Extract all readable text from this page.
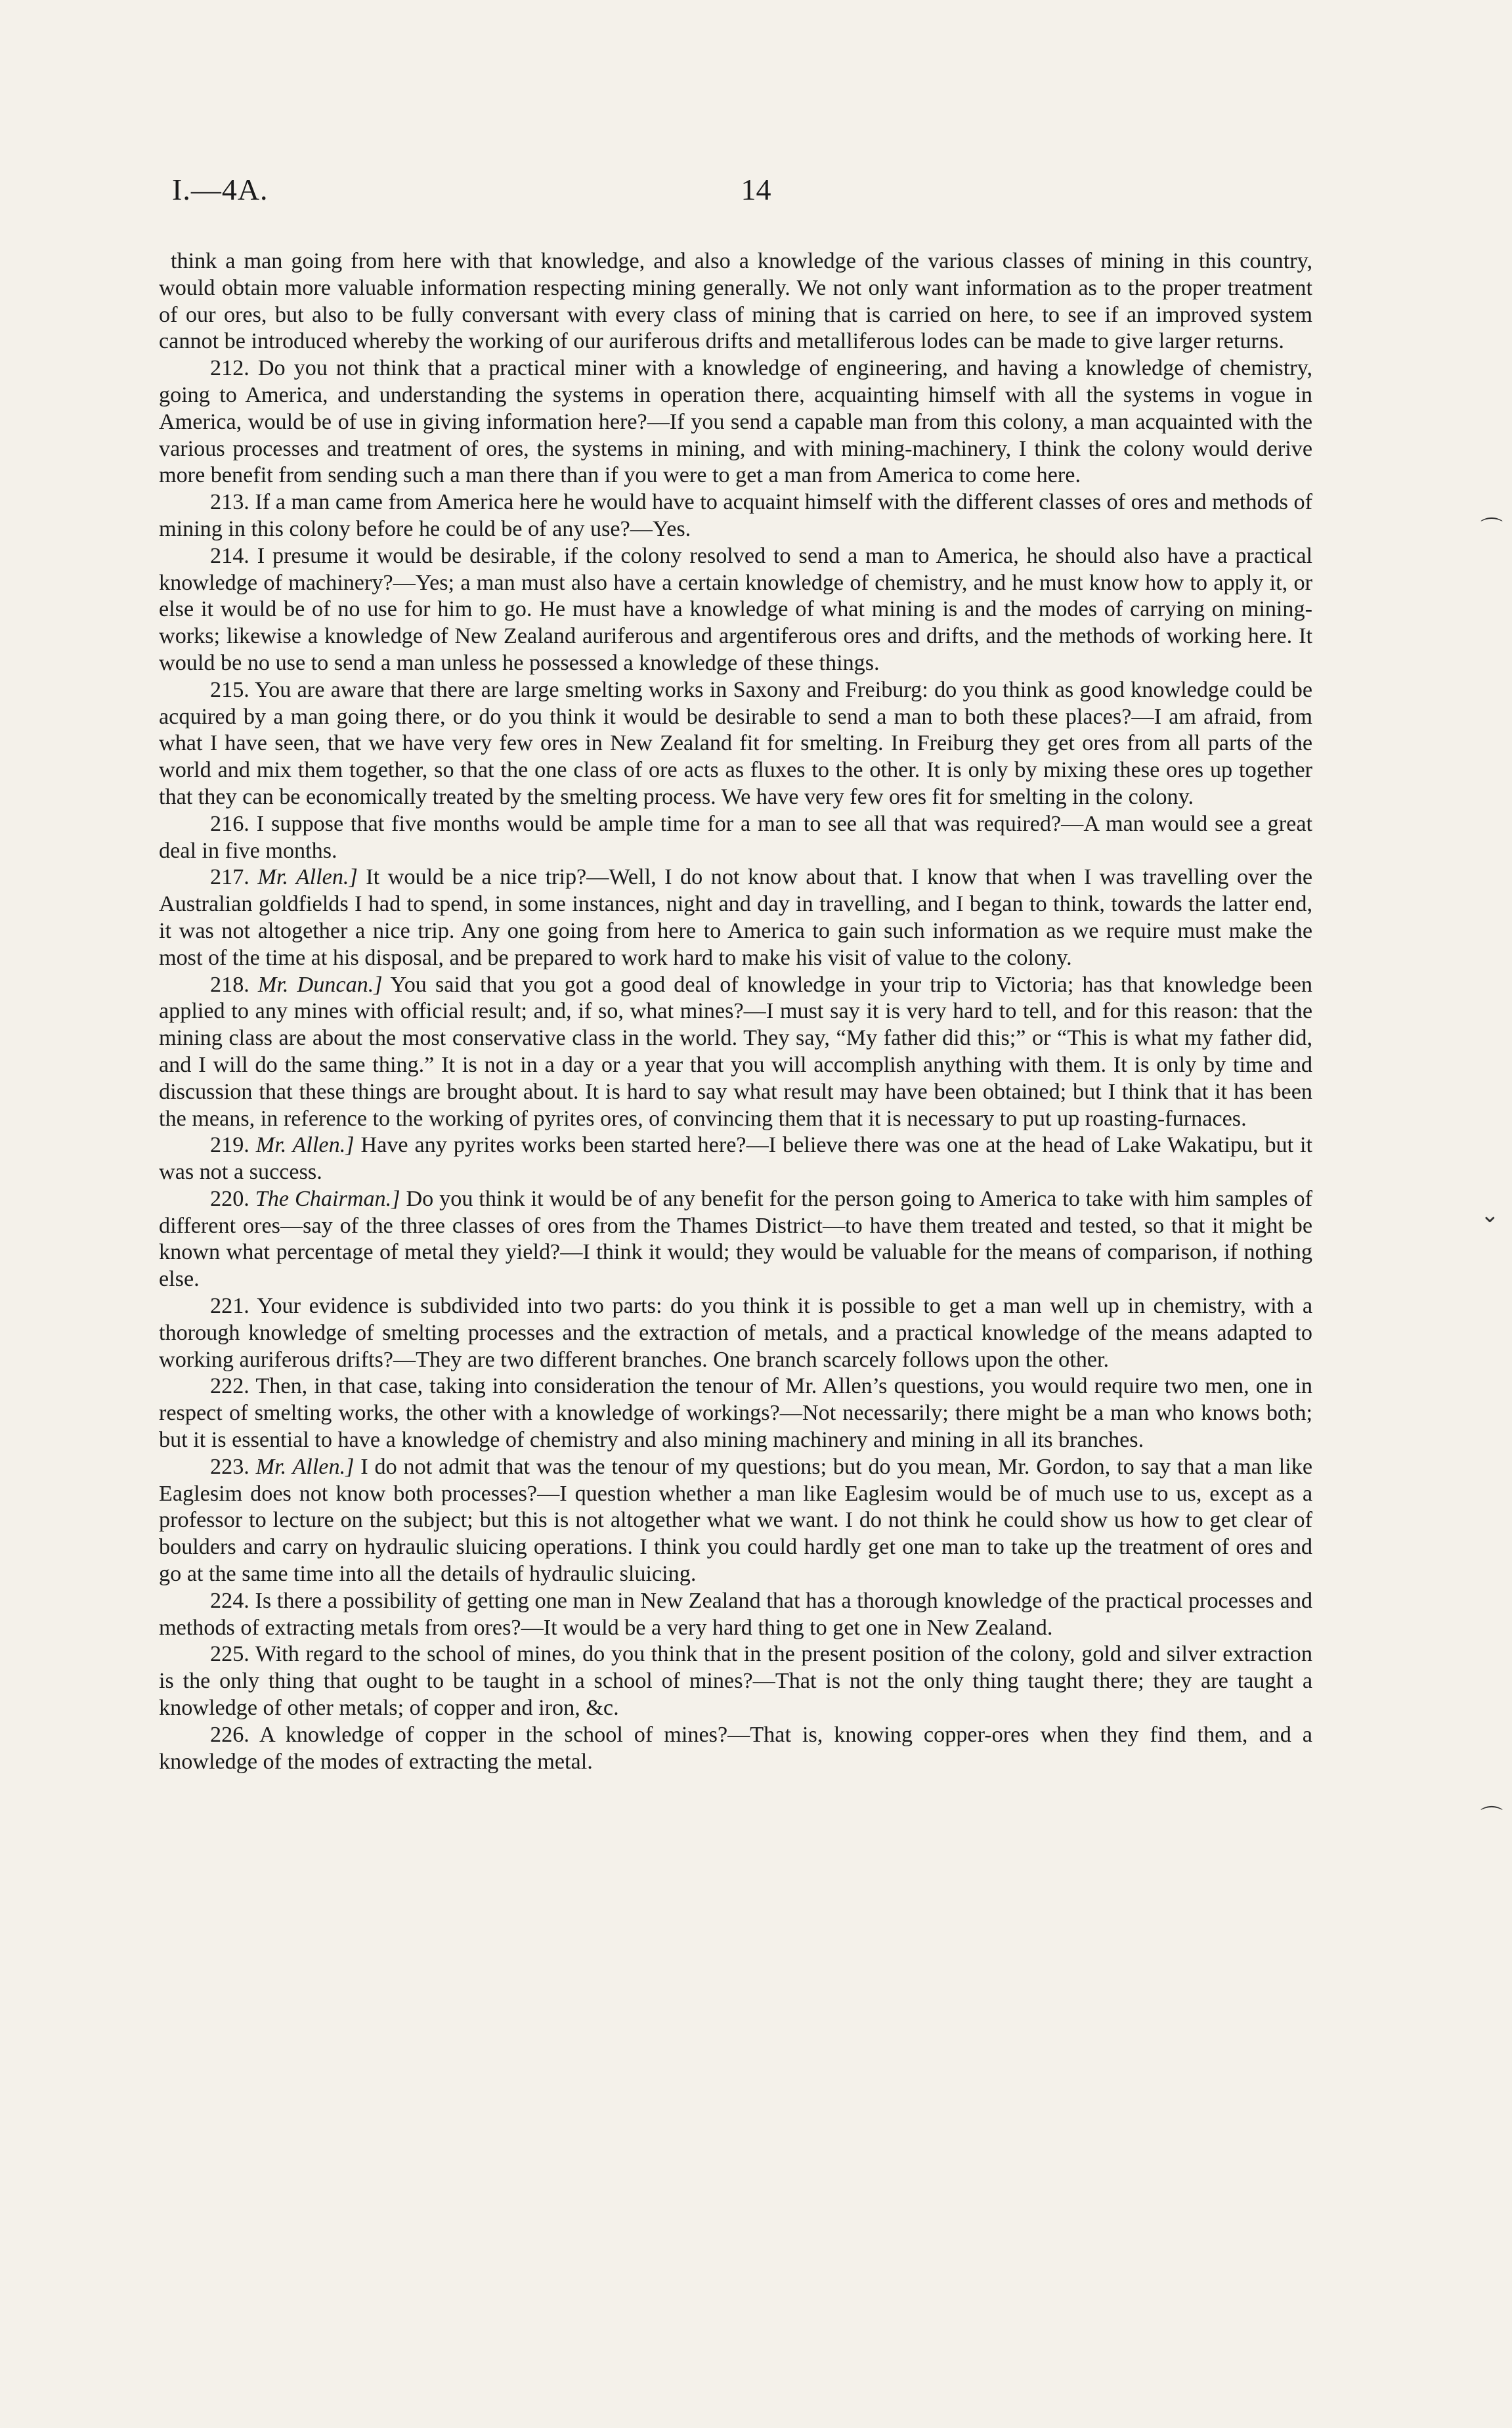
I.—4A.	14

think a man going from here with that knowledge, and also a knowledge of the various classes of mining in this country, would obtain more valuable information respecting mining generally. We not only want information as to the proper treatment of our ores, but also to be fully conversant with every class of mining that is carried on here, to see if an improved system cannot be introduced whereby the working of our auriferous drifts and metalliferous lodes can be made to give larger returns.

212. Do you not think that a practical miner with a knowledge of engineering, and having a knowledge of chemistry, going to America, and understanding the systems in operation there, acquainting himself with all the systems in vogue in America, would be of use in giving information here?—If you send a capable man from this colony, a man acquainted with the various processes and treatment of ores, the systems in mining, and with mining-machinery, I think the colony would derive more benefit from sending such a man there than if you were to get a man from America to come here.

213. If a man came from America here he would have to acquaint himself with the different classes of ores and methods of mining in this colony before he could be of any use?—Yes.

214. I presume it would be desirable, if the colony resolved to send a man to America, he should also have a practical knowledge of machinery?—Yes; a man must also have a certain knowledge of chemistry, and he must know how to apply it, or else it would be of no use for him to go. He must have a knowledge of what mining is and the modes of carrying on mining-works; likewise a knowledge of New Zealand auriferous and argentiferous ores and drifts, and the methods of working here. It would be no use to send a man unless he possessed a knowledge of these things.

215. You are aware that there are large smelting works in Saxony and Freiburg: do you think as good knowledge could be acquired by a man going there, or do you think it would be desirable to send a man to both these places?—I am afraid, from what I have seen, that we have very few ores in New Zealand fit for smelting. In Freiburg they get ores from all parts of the world and mix them together, so that the one class of ore acts as fluxes to the other. It is only by mixing these ores up together that they can be economically treated by the smelting process. We have very few ores fit for smelting in the colony.

216. I suppose that five months would be ample time for a man to see all that was required?—A man would see a great deal in five months.

217. Mr. Allen.] It would be a nice trip?—Well, I do not know about that. I know that when I was travelling over the Australian goldfields I had to spend, in some instances, night and day in travelling, and I began to think, towards the latter end, it was not altogether a nice trip. Any one going from here to America to gain such information as we require must make the most of the time at his disposal, and be prepared to work hard to make his visit of value to the colony.

218. Mr. Duncan.] You said that you got a good deal of knowledge in your trip to Victoria; has that knowledge been applied to any mines with official result; and, if so, what mines?—I must say it is very hard to tell, and for this reason: that the mining class are about the most conservative class in the world. They say, “My father did this;” or “This is what my father did, and I will do the same thing.” It is not in a day or a year that you will accomplish anything with them. It is only by time and discussion that these things are brought about. It is hard to say what result may have been obtained; but I think that it has been the means, in reference to the working of pyrites ores, of convincing them that it is necessary to put up roasting-furnaces.

219. Mr. Allen.] Have any pyrites works been started here?—I believe there was one at the head of Lake Wakatipu, but it was not a success.

220. The Chairman.] Do you think it would be of any benefit for the person going to America to take with him samples of different ores—say of the three classes of ores from the Thames District—to have them treated and tested, so that it might be known what percentage of metal they yield?—I think it would; they would be valuable for the means of comparison, if nothing else.

221. Your evidence is subdivided into two parts: do you think it is possible to get a man well up in chemistry, with a thorough knowledge of smelting processes and the extraction of metals, and a practical knowledge of the means adapted to working auriferous drifts?—They are two different branches. One branch scarcely follows upon the other.

222. Then, in that case, taking into consideration the tenour of Mr. Allen’s questions, you would require two men, one in respect of smelting works, the other with a knowledge of workings?—Not necessarily; there might be a man who knows both; but it is essential to have a knowledge of chemistry and also mining machinery and mining in all its branches.

223. Mr. Allen.] I do not admit that was the tenour of my questions; but do you mean, Mr. Gordon, to say that a man like Eaglesim does not know both processes?—I question whether a man like Eaglesim would be of much use to us, except as a professor to lecture on the subject; but this is not altogether what we want. I do not think he could show us how to get clear of boulders and carry on hydraulic sluicing operations. I think you could hardly get one man to take up the treatment of ores and go at the same time into all the details of hydraulic sluicing.

224. Is there a possibility of getting one man in New Zealand that has a thorough knowledge of the practical processes and methods of extracting metals from ores?—It would be a very hard thing to get one in New Zealand.

225. With regard to the school of mines, do you think that in the present position of the colony, gold and silver extraction is the only thing that ought to be taught in a school of mines?—That is not the only thing taught there; they are taught a knowledge of other metals; of copper and iron, &c.

226. A knowledge of copper in the school of mines?—That is, knowing copper-ores when they find them, and a knowledge of the modes of extracting the metal.

⌒
⌄
⌒
